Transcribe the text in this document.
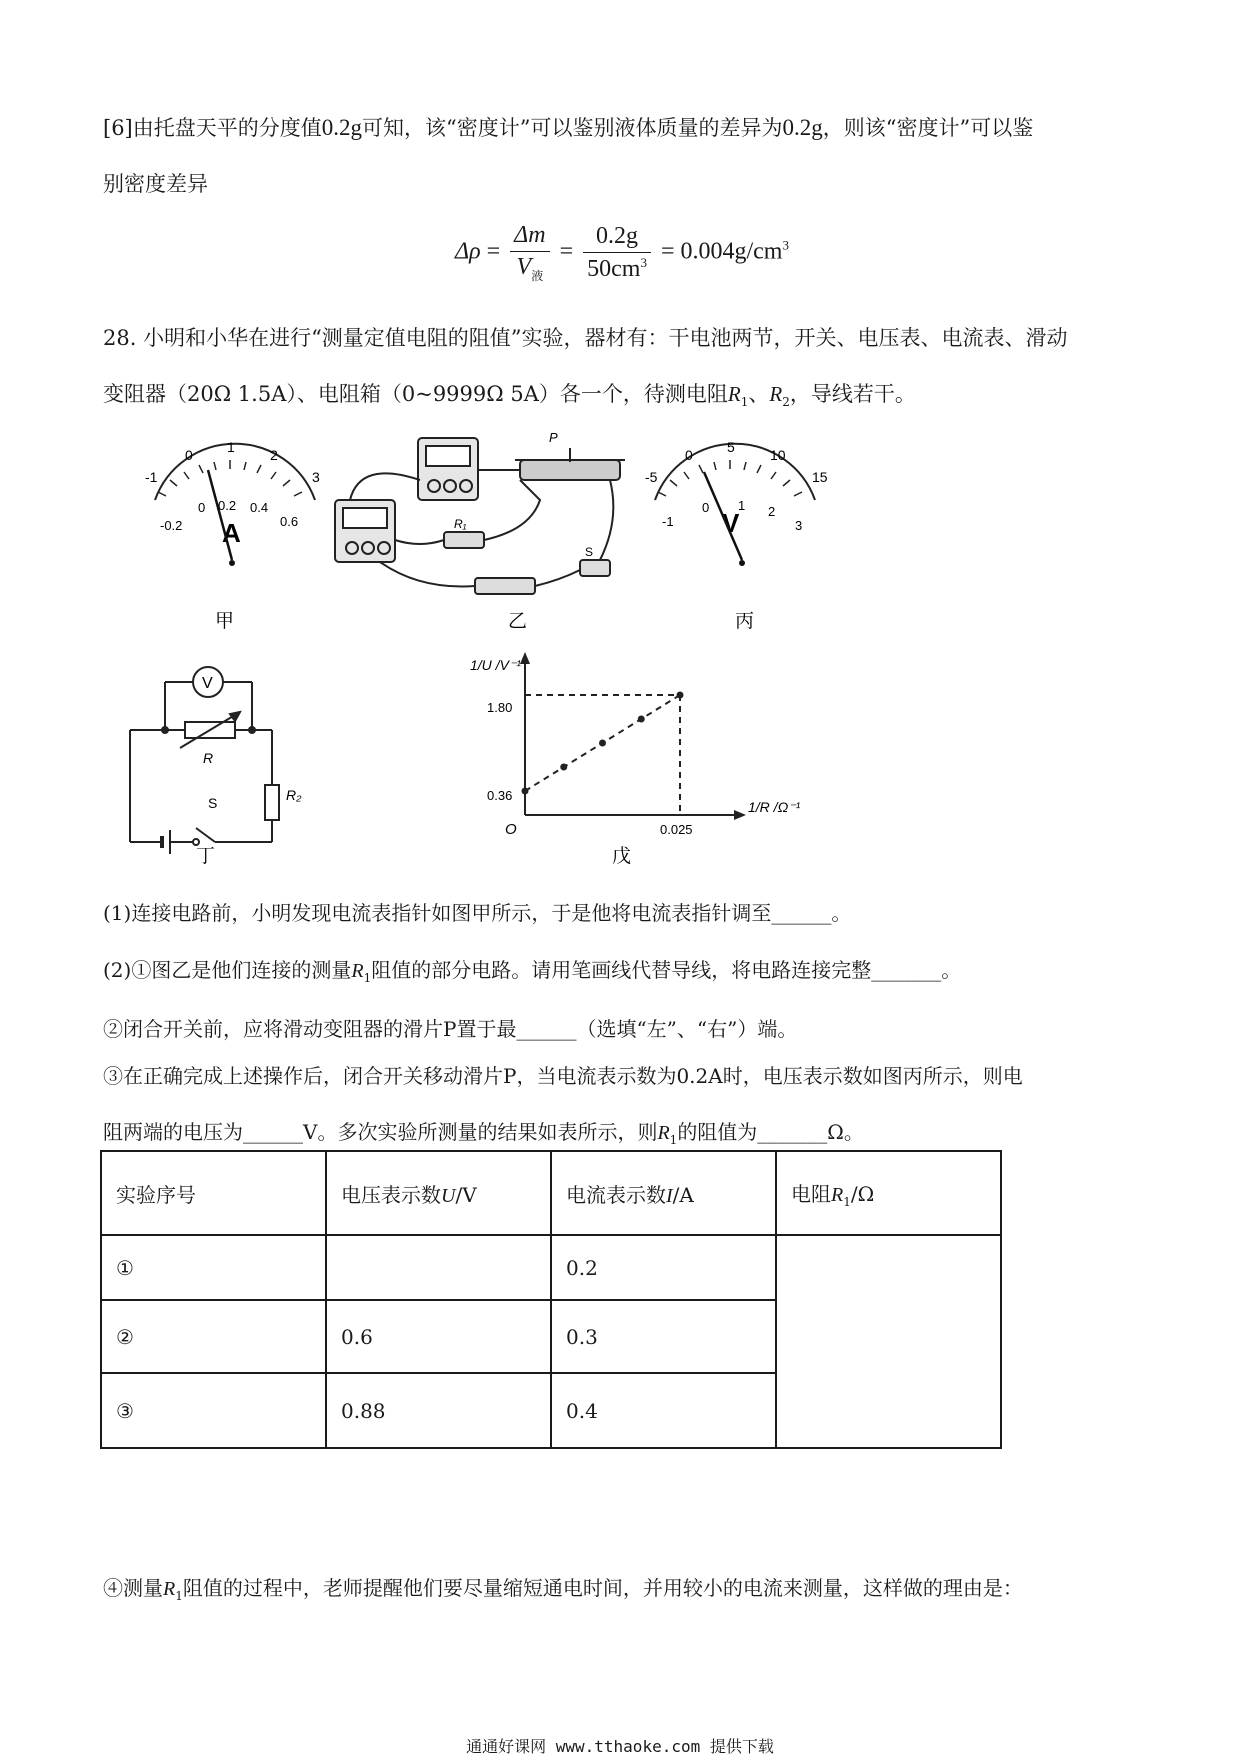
[6]由托盘天平的分度值0.2g可知，该“密度计”可以鉴别液体质量的差异为0.2g，则该“密度计”可以鉴
别密度差异
$\Delta\rho = \frac{\Delta m}{V_液} = \frac{0.2g}{50cm^3} = 0.004g/cm^3$
28. 小明和小华在进行“测量定值电阻的阻值”实验，器材有：干电池两节，开关、电压表、电流表、滑动
变阻器（20Ω 1.5A）、电阻箱（0~9999Ω 5A）各一个，待测电阻$R_1$、$R_2$，导线若干。
-1
0 1	2
3
-0.2
0 0.2 0.4
0.6
A
甲
P
R₁
S
乙
-5
0 5	10
15
-1
0 1 2
3
V
丙
V
R
R₂
S
丁
1/U /V⁻¹
1/R /Ω⁻¹
O
0.36
1.80
0.025
戊
(1)连接电路前，小明发现电流表指针如图甲所示，于是他将电流表指针调至______。
(2)①图乙是他们连接的测量$R_1$阻值的部分电路。请用笔画线代替导线，将电路连接完整_______。
②闭合开关前，应将滑动变阻器的滑片P置于最______（选填“左”、“右”）端。
③在正确完成上述操作后，闭合开关移动滑片P，当电流表示数为0.2A时，电压表示数如图丙所示，则电
阻两端的电压为______V。多次实验所测量的结果如表所示，则$R_1$的阻值为_______Ω。
实验序号	电压表示数U/V	电流表示数I/A	电阻$R_1/\Omega$
①		0.2	
②	0.6	0.3	
③	0.88	0.4	
④测量$R_1$阻值的过程中，老师提醒他们要尽量缩短通电时间，并用较小的电流来测量，这样做的理由是：
通通好课网 www.tthaoke.com 提供下载
